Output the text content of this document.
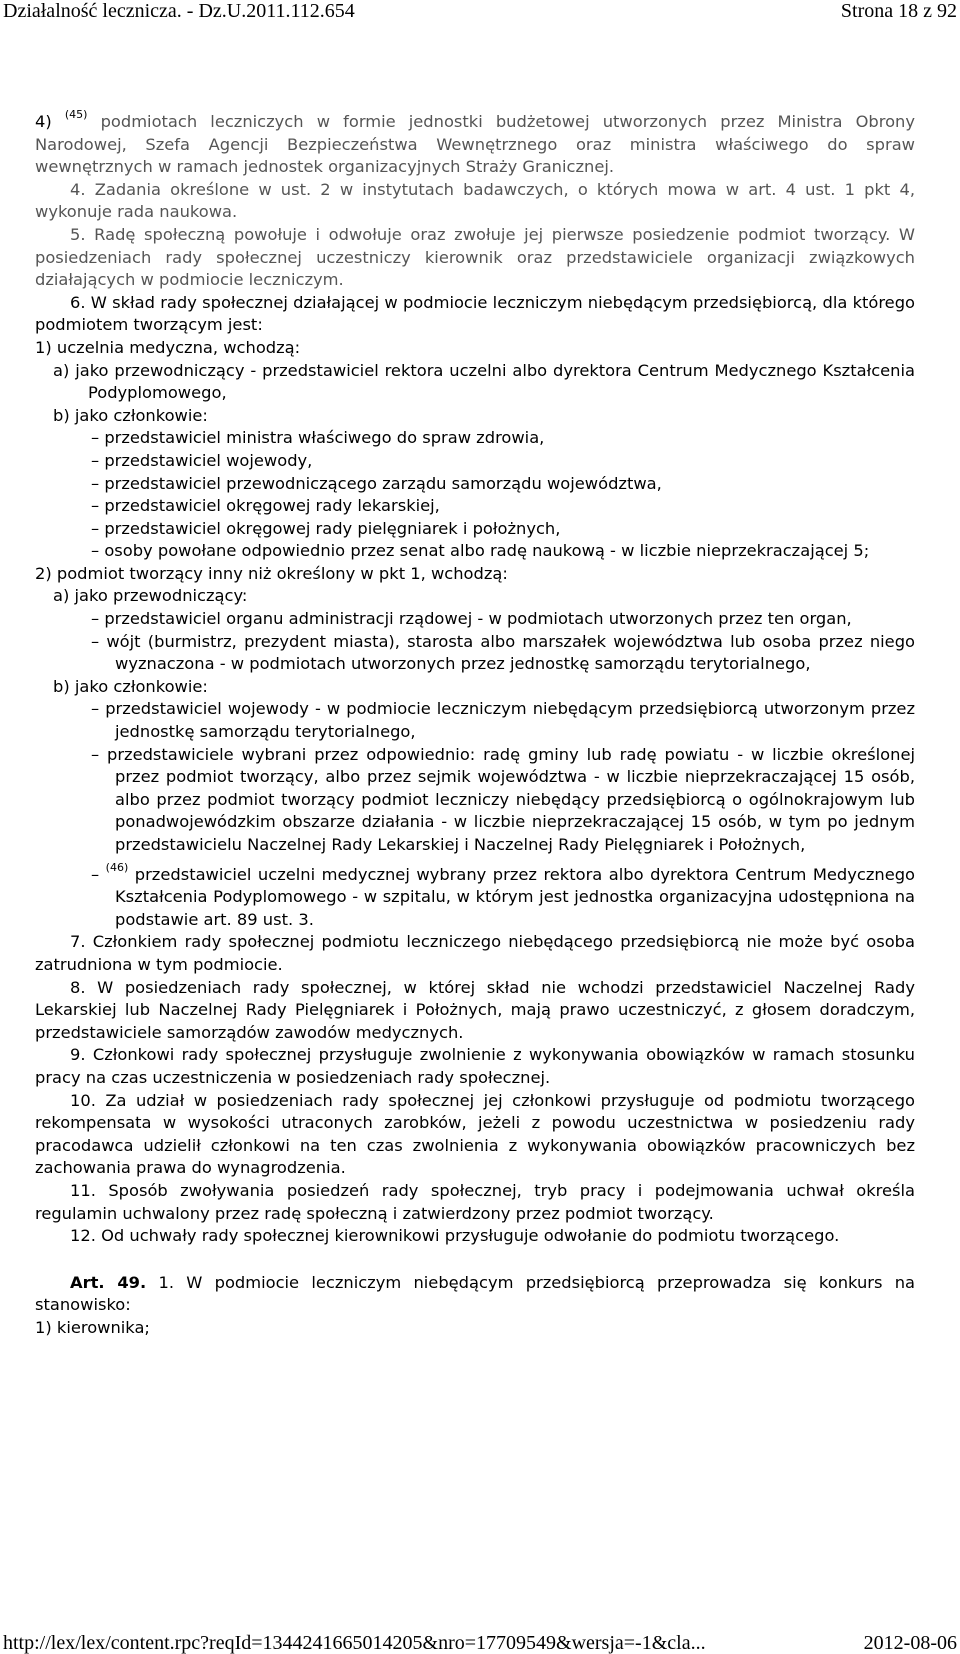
Działalność lecznicza. - Dz.U.2011.112.654	Strona 18 z 92

4) $^{(45)}$ podmiotach leczniczych w formie jednostki budżetowej utworzonych przez Ministra Obrony Narodowej, Szefa Agencji Bezpieczeństwa Wewnętrznego oraz ministra właściwego do spraw wewnętrznych w ramach jednostek organizacyjnych Straży Granicznej.

4. Zadania określone w ust. 2 w instytutach badawczych, o których mowa w art. 4 ust. 1 pkt 4, wykonuje rada naukowa.

5. Radę społeczną powołuje i odwołuje oraz zwołuje jej pierwsze posiedzenie podmiot tworzący. W posiedzeniach rady społecznej uczestniczy kierownik oraz przedstawiciele organizacji związkowych działających w podmiocie leczniczym.

6. W skład rady społecznej działającej w podmiocie leczniczym niebędącym przedsiębiorcą, dla którego podmiotem tworzącym jest:

1) uczelnia medyczna, wchodzą:

a) jako przewodniczący - przedstawiciel rektora uczelni albo dyrektora Centrum Medycznego Kształcenia Podyplomowego,

b) jako członkowie:

– przedstawiciel ministra właściwego do spraw zdrowia,

– przedstawiciel wojewody,

– przedstawiciel przewodniczącego zarządu samorządu województwa,

– przedstawiciel okręgowej rady lekarskiej,

– przedstawiciel okręgowej rady pielęgniarek i położnych,

– osoby powołane odpowiednio przez senat albo radę naukową - w liczbie nieprzekraczającej 5;

2) podmiot tworzący inny niż określony w pkt 1, wchodzą:

a) jako przewodniczący:

– przedstawiciel organu administracji rządowej - w podmiotach utworzonych przez ten organ,

– wójt (burmistrz, prezydent miasta), starosta albo marszałek województwa lub osoba przez niego wyznaczona - w podmiotach utworzonych przez jednostkę samorządu terytorialnego,

b) jako członkowie:

– przedstawiciel wojewody - w podmiocie leczniczym niebędącym przedsiębiorcą utworzonym przez jednostkę samorządu terytorialnego,

– przedstawiciele wybrani przez odpowiednio: radę gminy lub radę powiatu - w liczbie określonej przez podmiot tworzący, albo przez sejmik województwa - w liczbie nieprzekraczającej 15 osób, albo przez podmiot tworzący podmiot leczniczy niebędący przedsiębiorcą o ogólnokrajowym lub ponadwojewódzkim obszarze działania - w liczbie nieprzekraczającej 15 osób, w tym po jednym przedstawicielu Naczelnej Rady Lekarskiej i Naczelnej Rady Pielęgniarek i Położnych,

– $^{(46)}$ przedstawiciel uczelni medycznej wybrany przez rektora albo dyrektora Centrum Medycznego Kształcenia Podyplomowego - w szpitalu, w którym jest jednostka organizacyjna udostępniona na podstawie art. 89 ust. 3.

7. Członkiem rady społecznej podmiotu leczniczego niebędącego przedsiębiorcą nie może być osoba zatrudniona w tym podmiocie.

8. W posiedzeniach rady społecznej, w której skład nie wchodzi przedstawiciel Naczelnej Rady Lekarskiej lub Naczelnej Rady Pielęgniarek i Położnych, mają prawo uczestniczyć, z głosem doradczym, przedstawiciele samorządów zawodów medycznych.

9. Członkowi rady społecznej przysługuje zwolnienie z wykonywania obowiązków w ramach stosunku pracy na czas uczestniczenia w posiedzeniach rady społecznej.

10. Za udział w posiedzeniach rady społecznej jej członkowi przysługuje od podmiotu tworzącego rekompensata w wysokości utraconych zarobków, jeżeli z powodu uczestnictwa w posiedzeniu rady pracodawca udzielił członkowi na ten czas zwolnienia z wykonywania obowiązków pracowniczych bez zachowania prawa do wynagrodzenia.

11. Sposób zwoływania posiedzeń rady społecznej, tryb pracy i podejmowania uchwał określa regulamin uchwalony przez radę społeczną i zatwierdzony przez podmiot tworzący.

12. Od uchwały rady społecznej kierownikowi przysługuje odwołanie do podmiotu tworzącego.

Art. 49. 1. W podmiocie leczniczym niebędącym przedsiębiorcą przeprowadza się konkurs na stanowisko:

1) kierownika;

http://lex/lex/content.rpc?reqId=1344241665014205&nro=17709549&wersja=-1&cla...	2012-08-06
